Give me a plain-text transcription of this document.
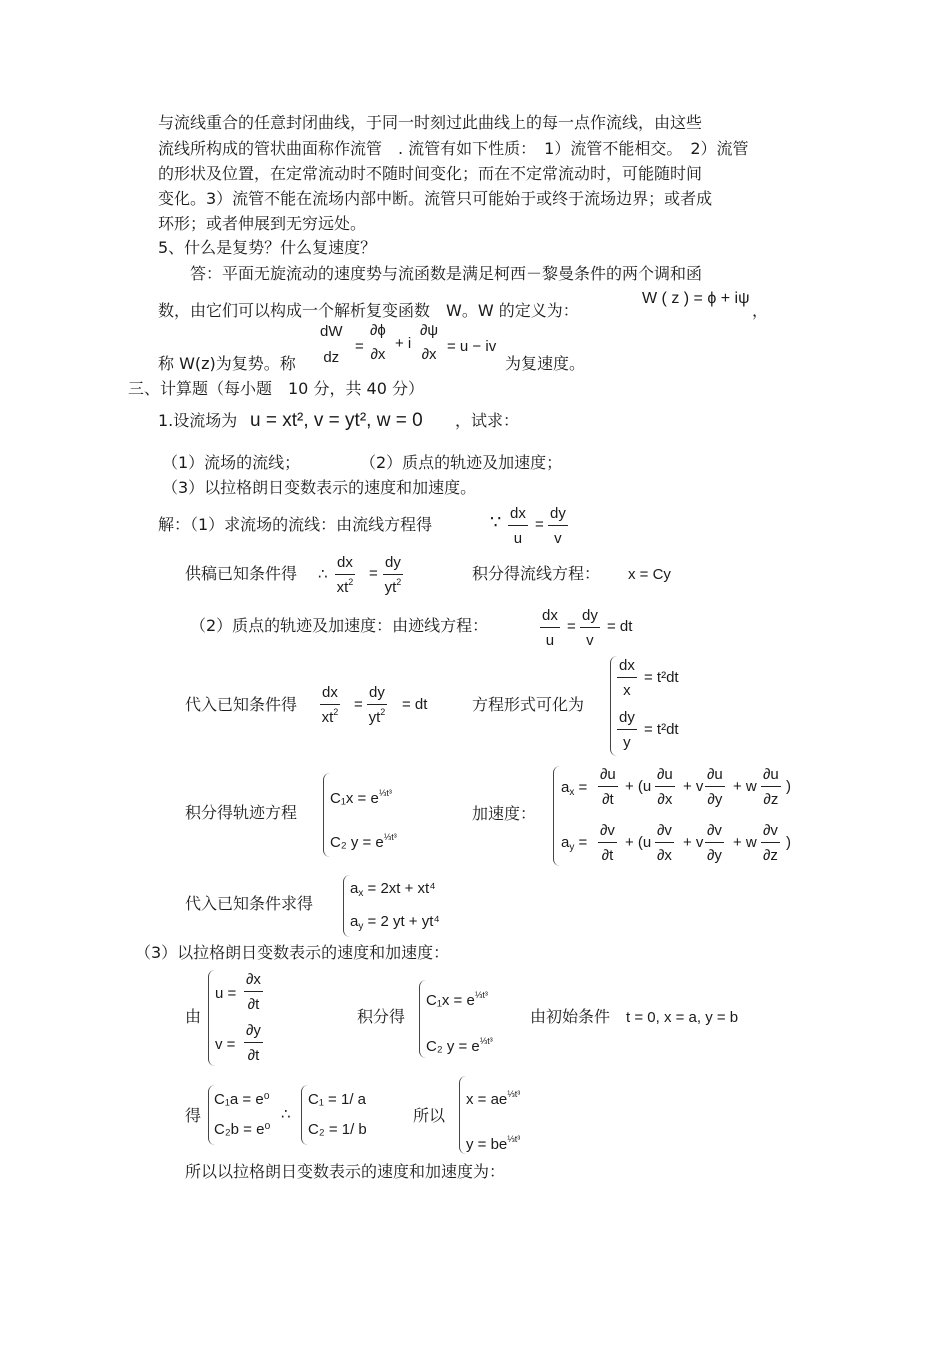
与流线重合的任意封闭曲线，于同一时刻过此曲线上的每一点作流线，由这些
流线所构成的管状曲面称作流管　. 流管有如下性质：　1）流管不能相交。　2）流管
的形状及位置，在定常流动时不随时间变化；而在不定常流动时，可能随时间
变化。3）流管不能在流场内部中断。流管只可能始于或终于流场边界；或者成
环形；或者伸展到无穷远处。
5、什么是复势？什么复速度？
答：平面无旋流动的速度势与流函数是满足柯西－黎曼条件的两个调和函
数，由它们可以构成一个解析复变函数　W。W 的定义为：
W ( z ) = ϕ + iψ
，
称 W(z)为复势。称
dW
dz
=
∂ϕ
∂x
+ i
∂ψ
∂x = u − iv
为复速度。
三、计算题（每小题　10 分，共 40 分）
1.设流场为 u = xt², v = yt², w = 0 ，试求：
（1）流场的流线；	（2）质点的轨迹及加速度；
（3）以拉格朗日变数表示的速度和加速度。
解：（1）求流场的流线：由流线方程得	∵ $\frac{dx}{u} = \frac{dy}{v}$
供稿已知条件得 ∴ $\frac{dx}{xt^2} = \frac{dy}{yt^2}$	积分得流线方程： x = Cy
（2）质点的轨迹及加速度：由迹线方程：	$\frac{dx}{u} = \frac{dy}{v}$ = dt
代入已知条件得 $\frac{dx}{xt^2} = \frac{dy}{yt^2}$ = dt	方程形式可化为
$\frac{dx}{x} = t^2dt$
$\frac{dy}{y} = t^2dt$
积分得轨迹方程
$C_1x = e^{\frac{1}{3}t^3}$
C₂ $y = e^{\frac{1}{3}t^3}$
加速度：
$a_x = \frac{\partial u}{\partial t} + (u \frac{\partial u}{\partial x} + v \frac{\partial u}{\partial y} + w \frac{\partial u}{\partial z}$ )
$a_y = \frac{\partial v}{\partial t} + (u \frac{\partial v}{\partial x} + v \frac{\partial v}{\partial y} + w \frac{\partial v}{\partial z}$ )
代入已知条件求得
$a_x = 2xt + xt^4$
$a_y = 2$ yt + yt⁴
（3）以拉格朗日变数表示的速度和加速度：
由
$u = \frac{\partial x}{\partial t}$
$v = \frac{\partial y}{\partial t}$
积分得
$C_1x = e^{\frac{1}{3}t^3}$
C₂ $y = e^{\frac{1}{3}t^3}$
由初始条件 t = 0, x = a, y = b
得
C₁a = e⁰
C₂b = e⁰
∴
C₁ = 1/ a
C₂ = 1/ b
所以
$x = ae^{\frac{1}{3}t^3}$
$y = be^{\frac{1}{3}t^3}$
所以以拉格朗日变数表示的速度和加速度为：
